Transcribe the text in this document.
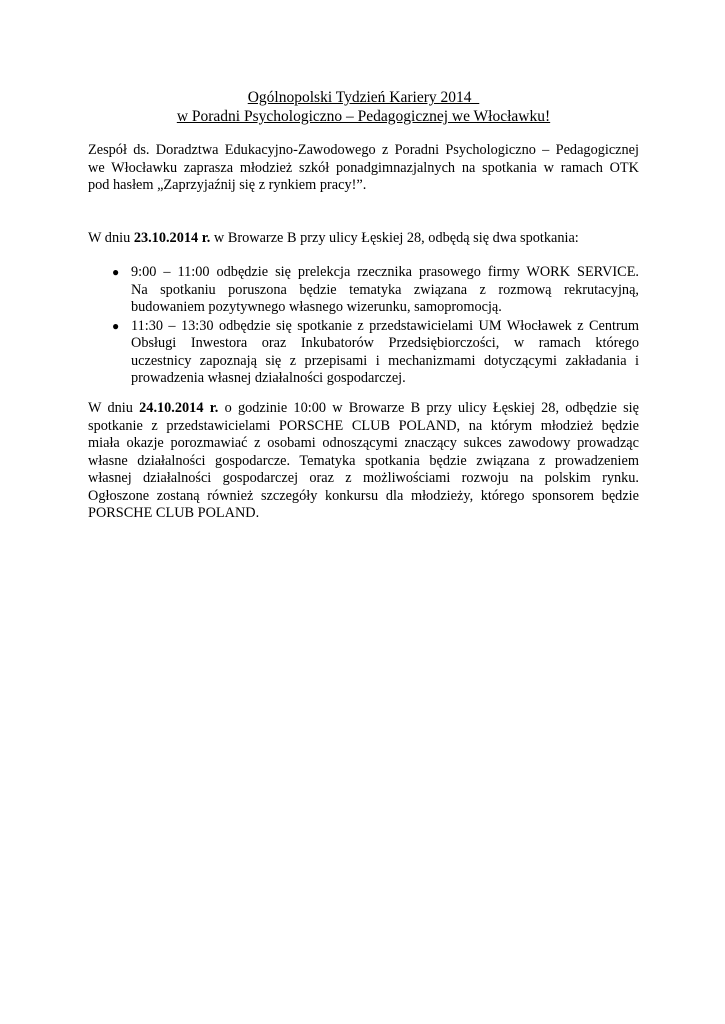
Ogólnopolski Tydzień Kariery 2014
w Poradni Psychologiczno – Pedagogicznej we Włocławku!

Zespół ds. Doradztwa Edukacyjno-Zawodowego z Poradni Psychologiczno – Pedagogicznej
we Włocławku zaprasza młodzież szkół ponadgimnazjalnych na spotkania w ramach OTK
pod hasłem „Zaprzyjaźnij się z rynkiem pracy!”.

W dniu 23.10.2014 r. w Browarze B przy ulicy Łęskiej 28, odbędą się dwa spotkania:

● 9:00 – 11:00 odbędzie się prelekcja rzecznika prasowego firmy WORK SERVICE.
Na spotkaniu poruszona będzie tematyka związana z rozmową rekrutacyjną,
budowaniem pozytywnego własnego wizerunku, samopromocją.
● 11:30 – 13:30 odbędzie się spotkanie z przedstawicielami UM Włocławek z Centrum
Obsługi Inwestora oraz Inkubatorów Przedsiębiorczości, w ramach którego
uczestnicy zapoznają się z przepisami i mechanizmami dotyczącymi zakładania i
prowadzenia własnej działalności gospodarczej.

W dniu 24.10.2014 r. o godzinie 10:00 w Browarze B przy ulicy Łęskiej 28, odbędzie się
spotkanie z przedstawicielami PORSCHE CLUB POLAND, na którym młodzież będzie
miała okazje porozmawiać z osobami odnoszącymi znaczący sukces zawodowy prowadząc
własne działalności gospodarcze. Tematyka spotkania będzie związana z prowadzeniem
własnej działalności gospodarczej oraz z możliwościami rozwoju na polskim rynku.
Ogłoszone zostaną również szczegóły konkursu dla młodzieży, którego sponsorem będzie
PORSCHE CLUB POLAND.
